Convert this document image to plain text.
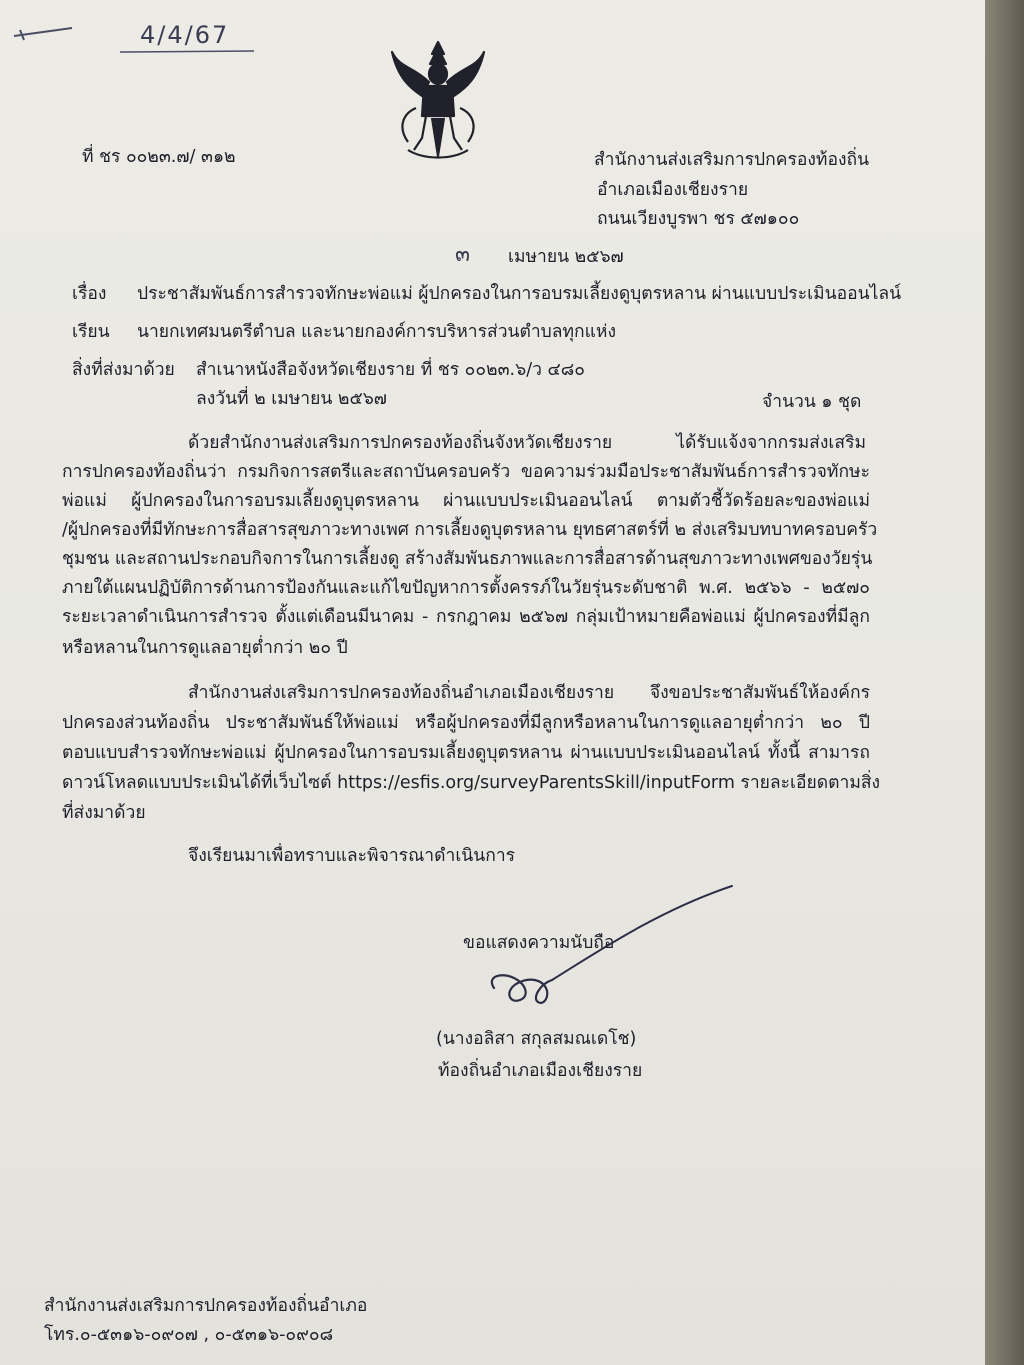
4/4/67
ที่ ชร ๐๐๒๓.๗/ ๓๑๒	สำนักงานส่งเสริมการปกครองท้องถิ่น
อำเภอเมืองเชียงราย
ถนนเวียงบูรพา ชร ๕๗๑๐๐
๓ เมษายน ๒๕๖๗
เรื่อง ประชาสัมพันธ์การสำรวจทักษะพ่อแม่ ผู้ปกครองในการอบรมเลี้ยงดูบุตรหลาน ผ่านแบบประเมินออนไลน์
เรียน นายกเทศมนตรีตำบล และนายกองค์การบริหารส่วนตำบลทุกแห่ง
สิ่งที่ส่งมาด้วย สำเนาหนังสือจังหวัดเชียงราย ที่ ชร ๐๐๒๓.๖/ว ๔๘๐
ลงวันที่ ๒ เมษายน ๒๕๖๗	จำนวน ๑ ชุด
ด้วยสำนักงานส่งเสริมการปกครองท้องถิ่นจังหวัดเชียงราย ได้รับแจ้งจากกรมส่งเสริม
การปกครองท้องถิ่นว่า กรมกิจการสตรีและสถาบันครอบครัว ขอความร่วมมือประชาสัมพันธ์การสำรวจทักษะ
พ่อแม่ ผู้ปกครองในการอบรมเลี้ยงดูบุตรหลาน ผ่านแบบประเมินออนไลน์ ตามตัวชี้วัดร้อยละของพ่อแม่
/ผู้ปกครองที่มีทักษะการสื่อสารสุขภาวะทางเพศ การเลี้ยงดูบุตรหลาน ยุทธศาสตร์ที่ ๒ ส่งเสริมบทบาทครอบครัว
ชุมชน และสถานประกอบกิจการในการเลี้ยงดู สร้างสัมพันธภาพและการสื่อสารด้านสุขภาวะทางเพศของวัยรุ่น
ภายใต้แผนปฏิบัติการด้านการป้องกันและแก้ไขปัญหาการตั้งครรภ์ในวัยรุ่นระดับชาติ พ.ศ. ๒๕๖๖ - ๒๕๗๐
ระยะเวลาดำเนินการสำรวจ ตั้งแต่เดือนมีนาคม - กรกฎาคม ๒๕๖๗ กลุ่มเป้าหมายคือพ่อแม่ ผู้ปกครองที่มีลูก
หรือหลานในการดูแลอายุต่ำกว่า ๒๐ ปี
สำนักงานส่งเสริมการปกครองท้องถิ่นอำเภอเมืองเชียงราย จึงขอประชาสัมพันธ์ให้องค์กร
ปกครองส่วนท้องถิ่น ประชาสัมพันธ์ให้พ่อแม่ หรือผู้ปกครองที่มีลูกหรือหลานในการดูแลอายุต่ำกว่า ๒๐ ปี
ตอบแบบสำรวจทักษะพ่อแม่ ผู้ปกครองในการอบรมเลี้ยงดูบุตรหลาน ผ่านแบบประเมินออนไลน์ ทั้งนี้ สามารถ
ดาวน์โหลดแบบประเมินได้ที่เว็บไซต์ https://esfis.org/surveyParentsSkill/inputForm รายละเอียดตามสิ่ง
ที่ส่งมาด้วย
จึงเรียนมาเพื่อทราบและพิจารณาดำเนินการ
ขอแสดงความนับถือ
(นางอลิสา สกุลสมณเดโช)
ท้องถิ่นอำเภอเมืองเชียงราย
สำนักงานส่งเสริมการปกครองท้องถิ่นอำเภอ
โทร.๐-๕๓๑๖-๐๙๐๗ , ๐-๕๓๑๖-๐๙๐๘
